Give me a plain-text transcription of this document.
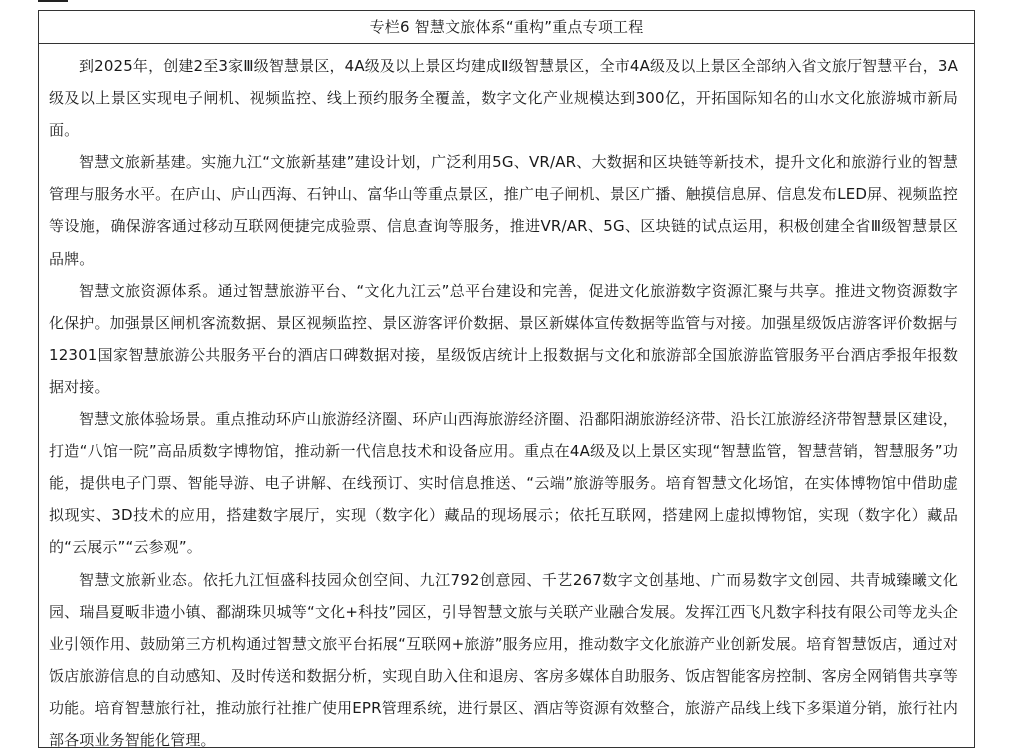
专栏6 智慧文旅体系“重构”重点专项工程

到2025年，创建2至3家Ⅲ级智慧景区，4A级及以上景区均建成Ⅱ级智慧景区，全市4A级及以上景区全部纳入省文旅厅智慧平台，3A级及以上景区实现电子闸机、视频监控、线上预约服务全覆盖，数字文化产业规模达到300亿，开拓国际知名的山水文化旅游城市新局面。

智慧文旅新基建。实施九江“文旅新基建”建设计划，广泛利用5G、VR/AR、大数据和区块链等新技术，提升文化和旅游行业的智慧管理与服务水平。在庐山、庐山西海、石钟山、富华山等重点景区，推广电子闸机、景区广播、触摸信息屏、信息发布LED屏、视频监控等设施，确保游客通过移动互联网便捷完成验票、信息查询等服务，推进VR/AR、5G、区块链的试点运用，积极创建全省Ⅲ级智慧景区品牌。

智慧文旅资源体系。通过智慧旅游平台、“文化九江云”总平台建设和完善，促进文化旅游数字资源汇聚与共享。推进文物资源数字化保护。加强景区闸机客流数据、景区视频监控、景区游客评价数据、景区新媒体宣传数据等监管与对接。加强星级饭店游客评价数据与12301国家智慧旅游公共服务平台的酒店口碑数据对接，星级饭店统计上报数据与文化和旅游部全国旅游监管服务平台酒店季报年报数据对接。

智慧文旅体验场景。重点推动环庐山旅游经济圈、环庐山西海旅游经济圈、沿鄱阳湖旅游经济带、沿长江旅游经济带智慧景区建设，打造“八馆一院”高品质数字博物馆，推动新一代信息技术和设备应用。重点在4A级及以上景区实现“智慧监管，智慧营销，智慧服务”功能，提供电子门票、智能导游、电子讲解、在线预订、实时信息推送、“云端”旅游等服务。培育智慧文化场馆，在实体博物馆中借助虚拟现实、3D技术的应用，搭建数字展厅，实现（数字化）藏品的现场展示；依托互联网，搭建网上虚拟博物馆，实现（数字化）藏品的“云展示”“云参观”。

智慧文旅新业态。依托九江恒盛科技园众创空间、九江792创意园、千艺267数字文创基地、广而易数字文创园、共青城臻曦文化园、瑞昌夏畈非遗小镇、鄱湖珠贝城等“文化+科技”园区，引导智慧文旅与关联产业融合发展。发挥江西飞凡数字科技有限公司等龙头企业引领作用、鼓励第三方机构通过智慧文旅平台拓展“互联网+旅游”服务应用，推动数字文化旅游产业创新发展。培育智慧饭店，通过对饭店旅游信息的自动感知、及时传送和数据分析，实现自助入住和退房、客房多媒体自助服务、饭店智能客房控制、客房全网销售共享等功能。培育智慧旅行社，推动旅行社推广使用EPR管理系统，进行景区、酒店等资源有效整合，旅游产品线上线下多渠道分销，旅行社内部各项业务智能化管理。
